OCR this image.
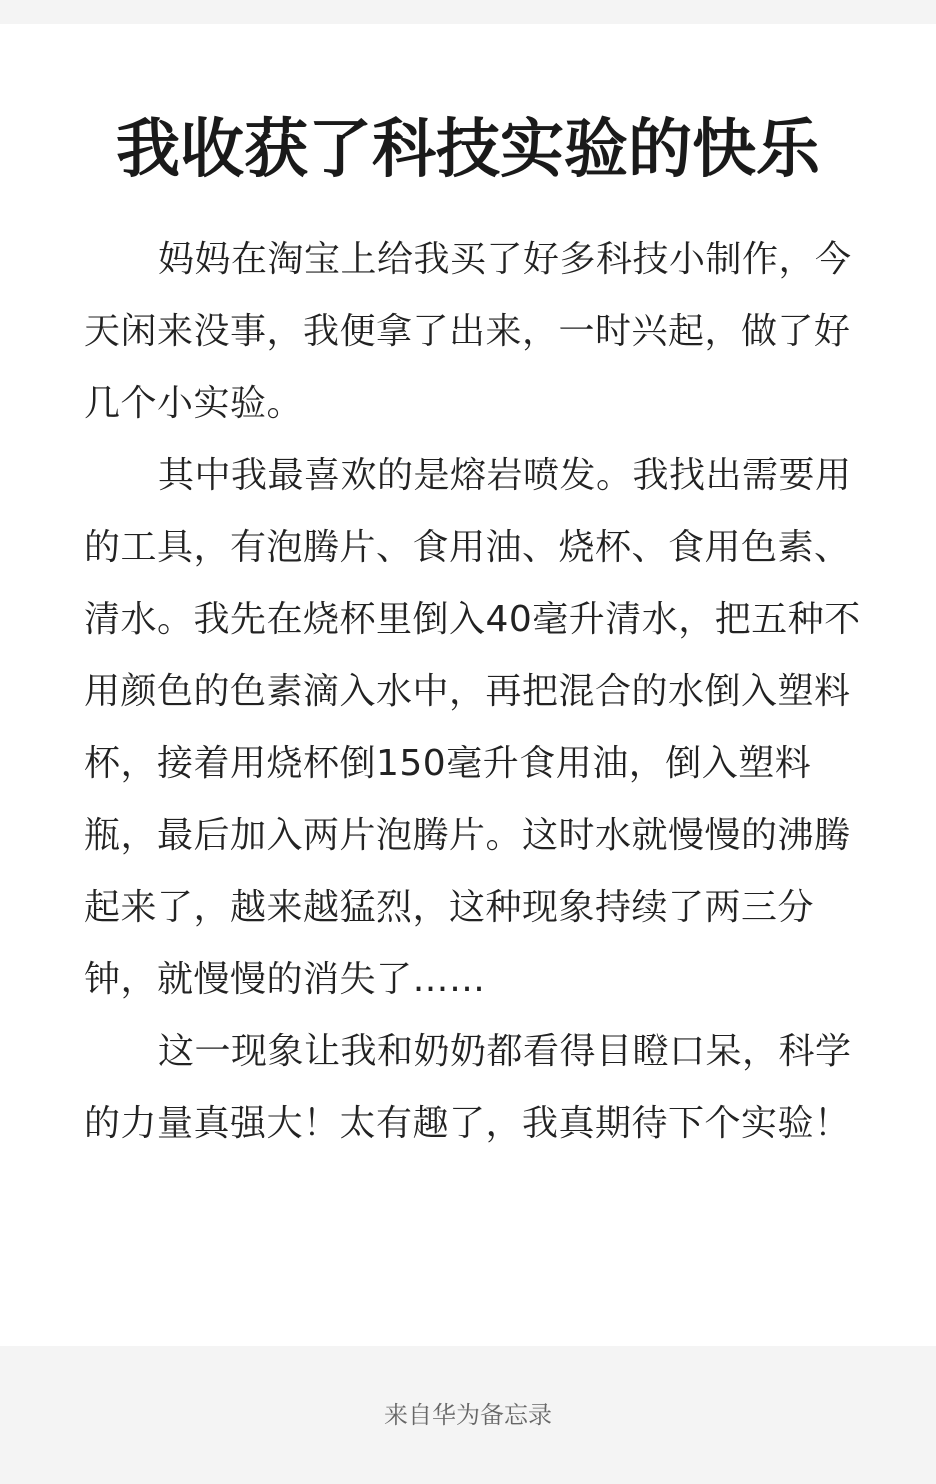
我收获了科技实验的快乐

妈妈在淘宝上给我买了好多科技小制作，今天闲来没事，我便拿了出来，一时兴起，做了好几个小实验。

其中我最喜欢的是熔岩喷发。我找出需要用的工具，有泡腾片、食用油、烧杯、食用色素、清水。我先在烧杯里倒入40毫升清水，把五种不用颜色的色素滴入水中，再把混合的水倒入塑料杯，接着用烧杯倒150毫升食用油，倒入塑料瓶，最后加入两片泡腾片。这时水就慢慢的沸腾起来了，越来越猛烈，这种现象持续了两三分钟，就慢慢的消失了……

这一现象让我和奶奶都看得目瞪口呆，科学的力量真强大！太有趣了，我真期待下个实验！

来自华为备忘录
